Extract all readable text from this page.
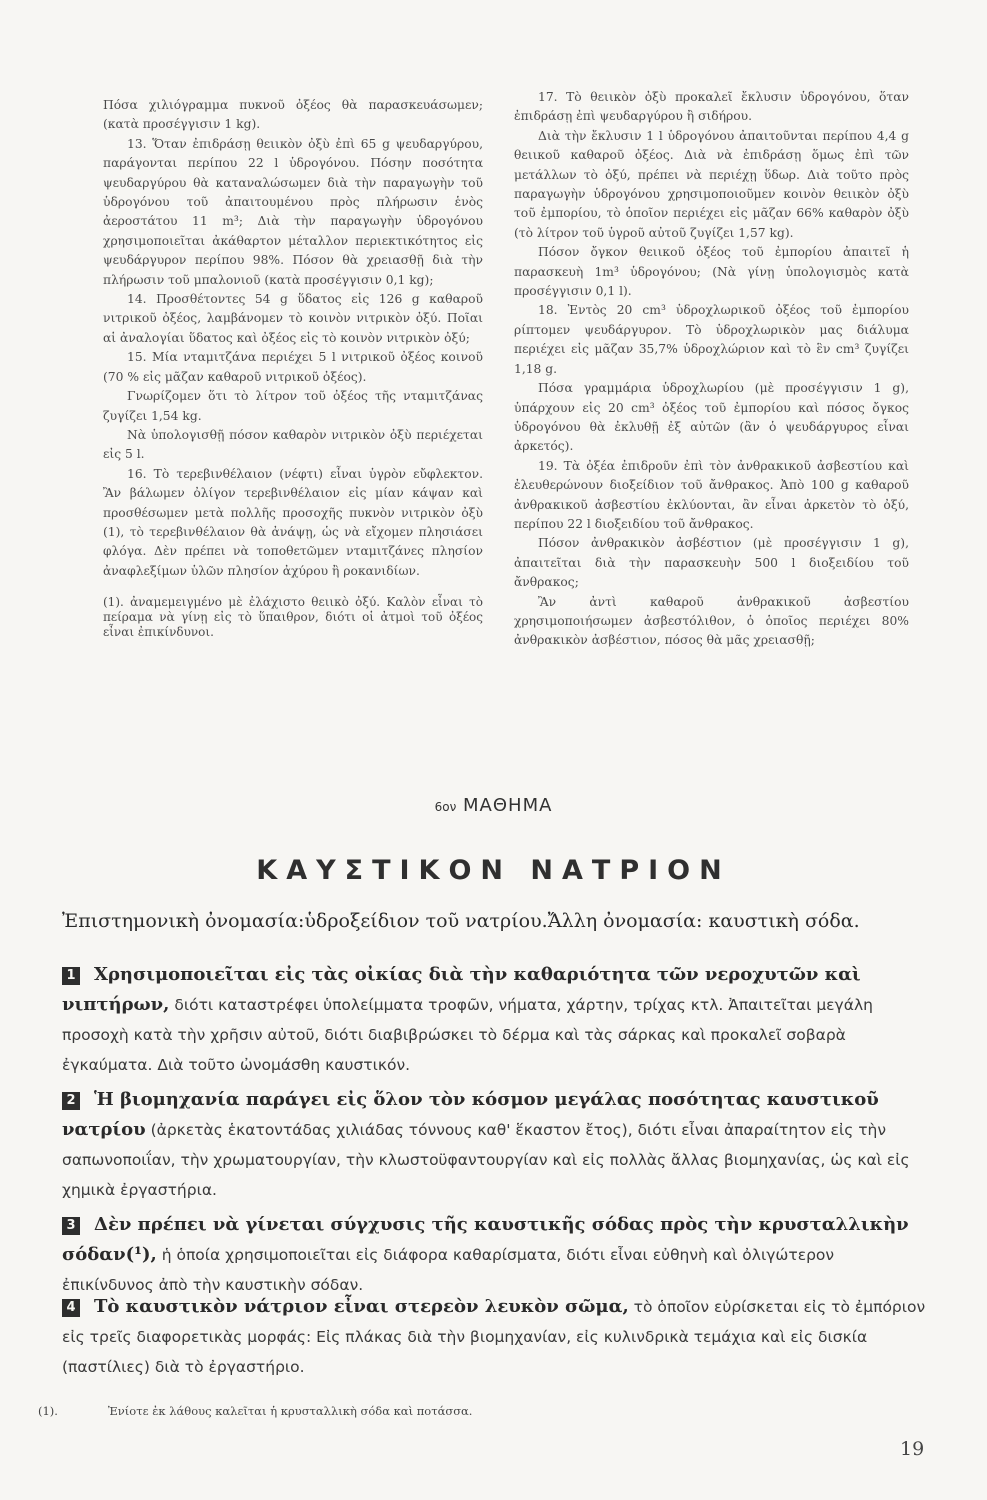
Πόσα χιλιόγραμμα πυκνοῦ ὀξέος θὰ παρασκευάσωμεν; (κατὰ προσέγγισιν 1 kg).

13. Ὅταν ἐπιδράσῃ θειικὸν ὀξὺ ἐπὶ 65 g ψευδαργύρου, παράγονται περίπου 22 l ὑδρογόνου. Πόσην ποσότητα ψευδαργύρου θὰ καταναλώσωμεν διὰ τὴν παραγωγὴν τοῦ ὑδρογόνου τοῦ ἀπαιτουμένου πρὸς πλήρωσιν ἑνὸς ἀεροστάτου 11 m³; Διὰ τὴν παραγωγὴν ὑδρογόνου χρησιμοποιεῖται ἀκάθαρτον μέταλλον περιεκτικότητος εἰς ψευδάργυρον περίπου 98%. Πόσον θὰ χρειασθῇ διὰ τὴν πλήρωσιν τοῦ μπαλονιοῦ (κατὰ προσέγγισιν 0,1 kg);

14. Προσθέτοντες 54 g ὕδατος εἰς 126 g καθαροῦ νιτρικοῦ ὀξέος, λαμβάνομεν τὸ κοινὸν νιτρικὸν ὀξύ. Ποῖαι αἱ ἀναλογίαι ὕδατος καὶ ὀξέος εἰς τὸ κοινὸν νιτρικὸν ὀξύ;

15. Μία νταμιτζάνα περιέχει 5 l νιτρικοῦ ὀξέος κοινοῦ (70 % εἰς μᾶζαν καθαροῦ νιτρικοῦ ὀξέος).

Γνωρίζομεν ὅτι τὸ λίτρον τοῦ ὀξέος τῆς νταμιτζάνας ζυγίζει 1,54 kg.

Νὰ ὑπολογισθῇ πόσον καθαρὸν νιτρικὸν ὀξὺ περιέχεται εἰς 5 l.

16. Τὸ τερεβινθέλαιον (νέφτι) εἶναι ὑγρὸν εὔφλεκτον. Ἂν βάλωμεν ὀλίγον τερεβινθέλαιον εἰς μίαν κάψαν καὶ προσθέσωμεν μετὰ πολλῆς προσοχῆς πυκνὸν νιτρικὸν ὀξὺ (1), τὸ τερεβινθέλαιον θὰ ἀνάψῃ, ὡς νὰ εἴχομεν πλησιάσει φλόγα. Δὲν πρέπει νὰ τοποθετῶμεν νταμιτζάνες πλησίον ἀναφλεξίμων ὑλῶν πλησίον ἀχύρου ἢ ροκανιδίων.

(1). ἀναμεμειγμένο μὲ ἐλάχιστο θειικὸ ὀξύ. Καλὸν εἶναι τὸ πείραμα νὰ γίνῃ εἰς τὸ ὕπαιθρον, διότι οἱ ἀτμοὶ τοῦ ὀξέος εἶναι ἐπικίνδυνοι.

17. Τὸ θειικὸν ὀξὺ προκαλεῖ ἔκλυσιν ὑδρογόνου, ὅταν ἐπιδράσῃ ἐπὶ ψευδαργύρου ἢ σιδήρου.

Διὰ τὴν ἔκλυσιν 1 l ὑδρογόνου ἀπαιτοῦνται περίπου 4,4 g θειικοῦ καθαροῦ ὀξέος. Διὰ νὰ ἐπιδράσῃ ὅμως ἐπὶ τῶν μετάλλων τὸ ὀξύ, πρέπει νὰ περιέχῃ ὕδωρ. Διὰ τοῦτο πρὸς παραγωγὴν ὑδρογόνου χρησιμοποιοῦμεν κοινὸν θειικὸν ὀξὺ τοῦ ἐμπορίου, τὸ ὁποῖον περιέχει εἰς μᾶζαν 66% καθαρὸν ὀξὺ (τὸ λίτρον τοῦ ὑγροῦ αὐτοῦ ζυγίζει 1,57 kg).

Πόσον ὄγκον θειικοῦ ὀξέος τοῦ ἐμπορίου ἀπαιτεῖ ἡ παρασκευὴ 1m³ ὑδρογόνου; (Νὰ γίνῃ ὑπολογισμὸς κατὰ προσέγγισιν 0,1 l).

18. Ἐντὸς 20 cm³ ὑδροχλωρικοῦ ὀξέος τοῦ ἐμπορίου ρίπτομεν ψευδάργυρον. Τὸ ὑδροχλωρικὸν μας διάλυμα περιέχει εἰς μᾶζαν 35,7% ὑδροχλώριον καὶ τὸ ἓν cm³ ζυγίζει 1,18 g.

Πόσα γραμμάρια ὑδροχλωρίου (μὲ προσέγγισιν 1 g), ὑπάρχουν εἰς 20 cm³ ὀξέος τοῦ ἐμπορίου καὶ πόσος ὄγκος ὑδρογόνου θὰ ἐκλυθῇ ἐξ αὐτῶν (ἂν ὁ ψευδάργυρος εἶναι ἀρκετός).

19. Τὰ ὀξέα ἐπιδροῦν ἐπὶ τὸν ἀνθρακικοῦ ἀσβεστίου καὶ ἐλευθερώνουν διοξείδιον τοῦ ἄνθρακος. Ἀπὸ 100 g καθαροῦ ἀνθρακικοῦ ἀσβεστίου ἐκλύονται, ἂν εἶναι ἀρκετὸν τὸ ὀξύ, περίπου 22 l διοξειδίου τοῦ ἄνθρακος.

Πόσον ἀνθρακικὸν ἀσβέστιον (μὲ προσέγγισιν 1 g), ἀπαιτεῖται διὰ τὴν παρασκευὴν 500 l διοξειδίου τοῦ ἄνθρακος;

Ἂν ἀντὶ καθαροῦ ἀνθρακικοῦ ἀσβεστίου χρησιμοποιήσωμεν ἀσβεστόλιθον, ὁ ὁποῖος περιέχει 80% ἀνθρακικὸν ἀσβέστιον, πόσος θὰ μᾶς χρειασθῇ;

6ον ΜΑΘΗΜΑ
ΚΑΥΣΤΙΚΟΝ ΝΑΤΡΙΟΝ
Ἐπιστημονικὴ ὀνομασία:ὑδροξείδιον τοῦ νατρίου.Ἄλλη ὀνομασία: καυστικὴ σόδα.
1 Χρησιμοποιεῖται εἰς τὰς οἰκίας διὰ τὴν καθαριότητα τῶν νεροχυτῶν καὶ νιπτήρων, διότι καταστρέφει ὑπολείμματα τροφῶν, νήματα, χάρτην, τρίχας κτλ. Ἀπαιτεῖται μεγάλη προσοχὴ κατὰ τὴν χρῆσιν αὐτοῦ, διότι διαβιβρώσκει τὸ δέρμα καὶ τὰς σάρκας καὶ προκαλεῖ σοβαρὰ ἐγκαύματα. Διὰ τοῦτο ὠνομάσθη καυστικόν.
2 Ἡ βιομηχανία παράγει εἰς ὅλον τὸν κόσμον μεγάλας ποσότητας καυστικοῦ νατρίου (ἀρκετὰς ἑκατοντάδας χιλιάδας τόννους καθ' ἕκαστον ἔτος), διότι εἶναι ἀπαραίτητον εἰς τὴν σαπωνοποιΐαν, τὴν χρωματουργίαν, τὴν κλωστοϋφαντουργίαν καὶ εἰς πολλὰς ἄλλας βιομηχανίας, ὡς καὶ εἰς χημικὰ ἐργαστήρια.
3 Δὲν πρέπει νὰ γίνεται σύγχυσις τῆς καυστικῆς σόδας πρὸς τὴν κρυσταλλικὴν σόδαν(¹), ἡ ὁποία χρησιμοποιεῖται εἰς διάφορα καθαρίσματα, διότι εἶναι εὐθηνὴ καὶ ὀλιγώτερον ἐπικίνδυνος ἀπὸ τὴν καυστικὴν σόδαν.
4 Τὸ καυστικὸν νάτριον εἶναι στερεὸν λευκὸν σῶμα, τὸ ὁποῖον εὑρίσκεται εἰς τὸ ἐμπόριον εἰς τρεῖς διαφορετικὰς μορφάς: Εἰς πλάκας διὰ τὴν βιομηχανίαν, εἰς κυλινδρικὰ τεμάχια καὶ εἰς δισκία (παστίλιες) διὰ τὸ ἐργαστήριο.
(1).	Ἐνίοτε ἐκ λάθους καλεῖται ἡ κρυσταλλικὴ σόδα καὶ ποτάσσα.
19
